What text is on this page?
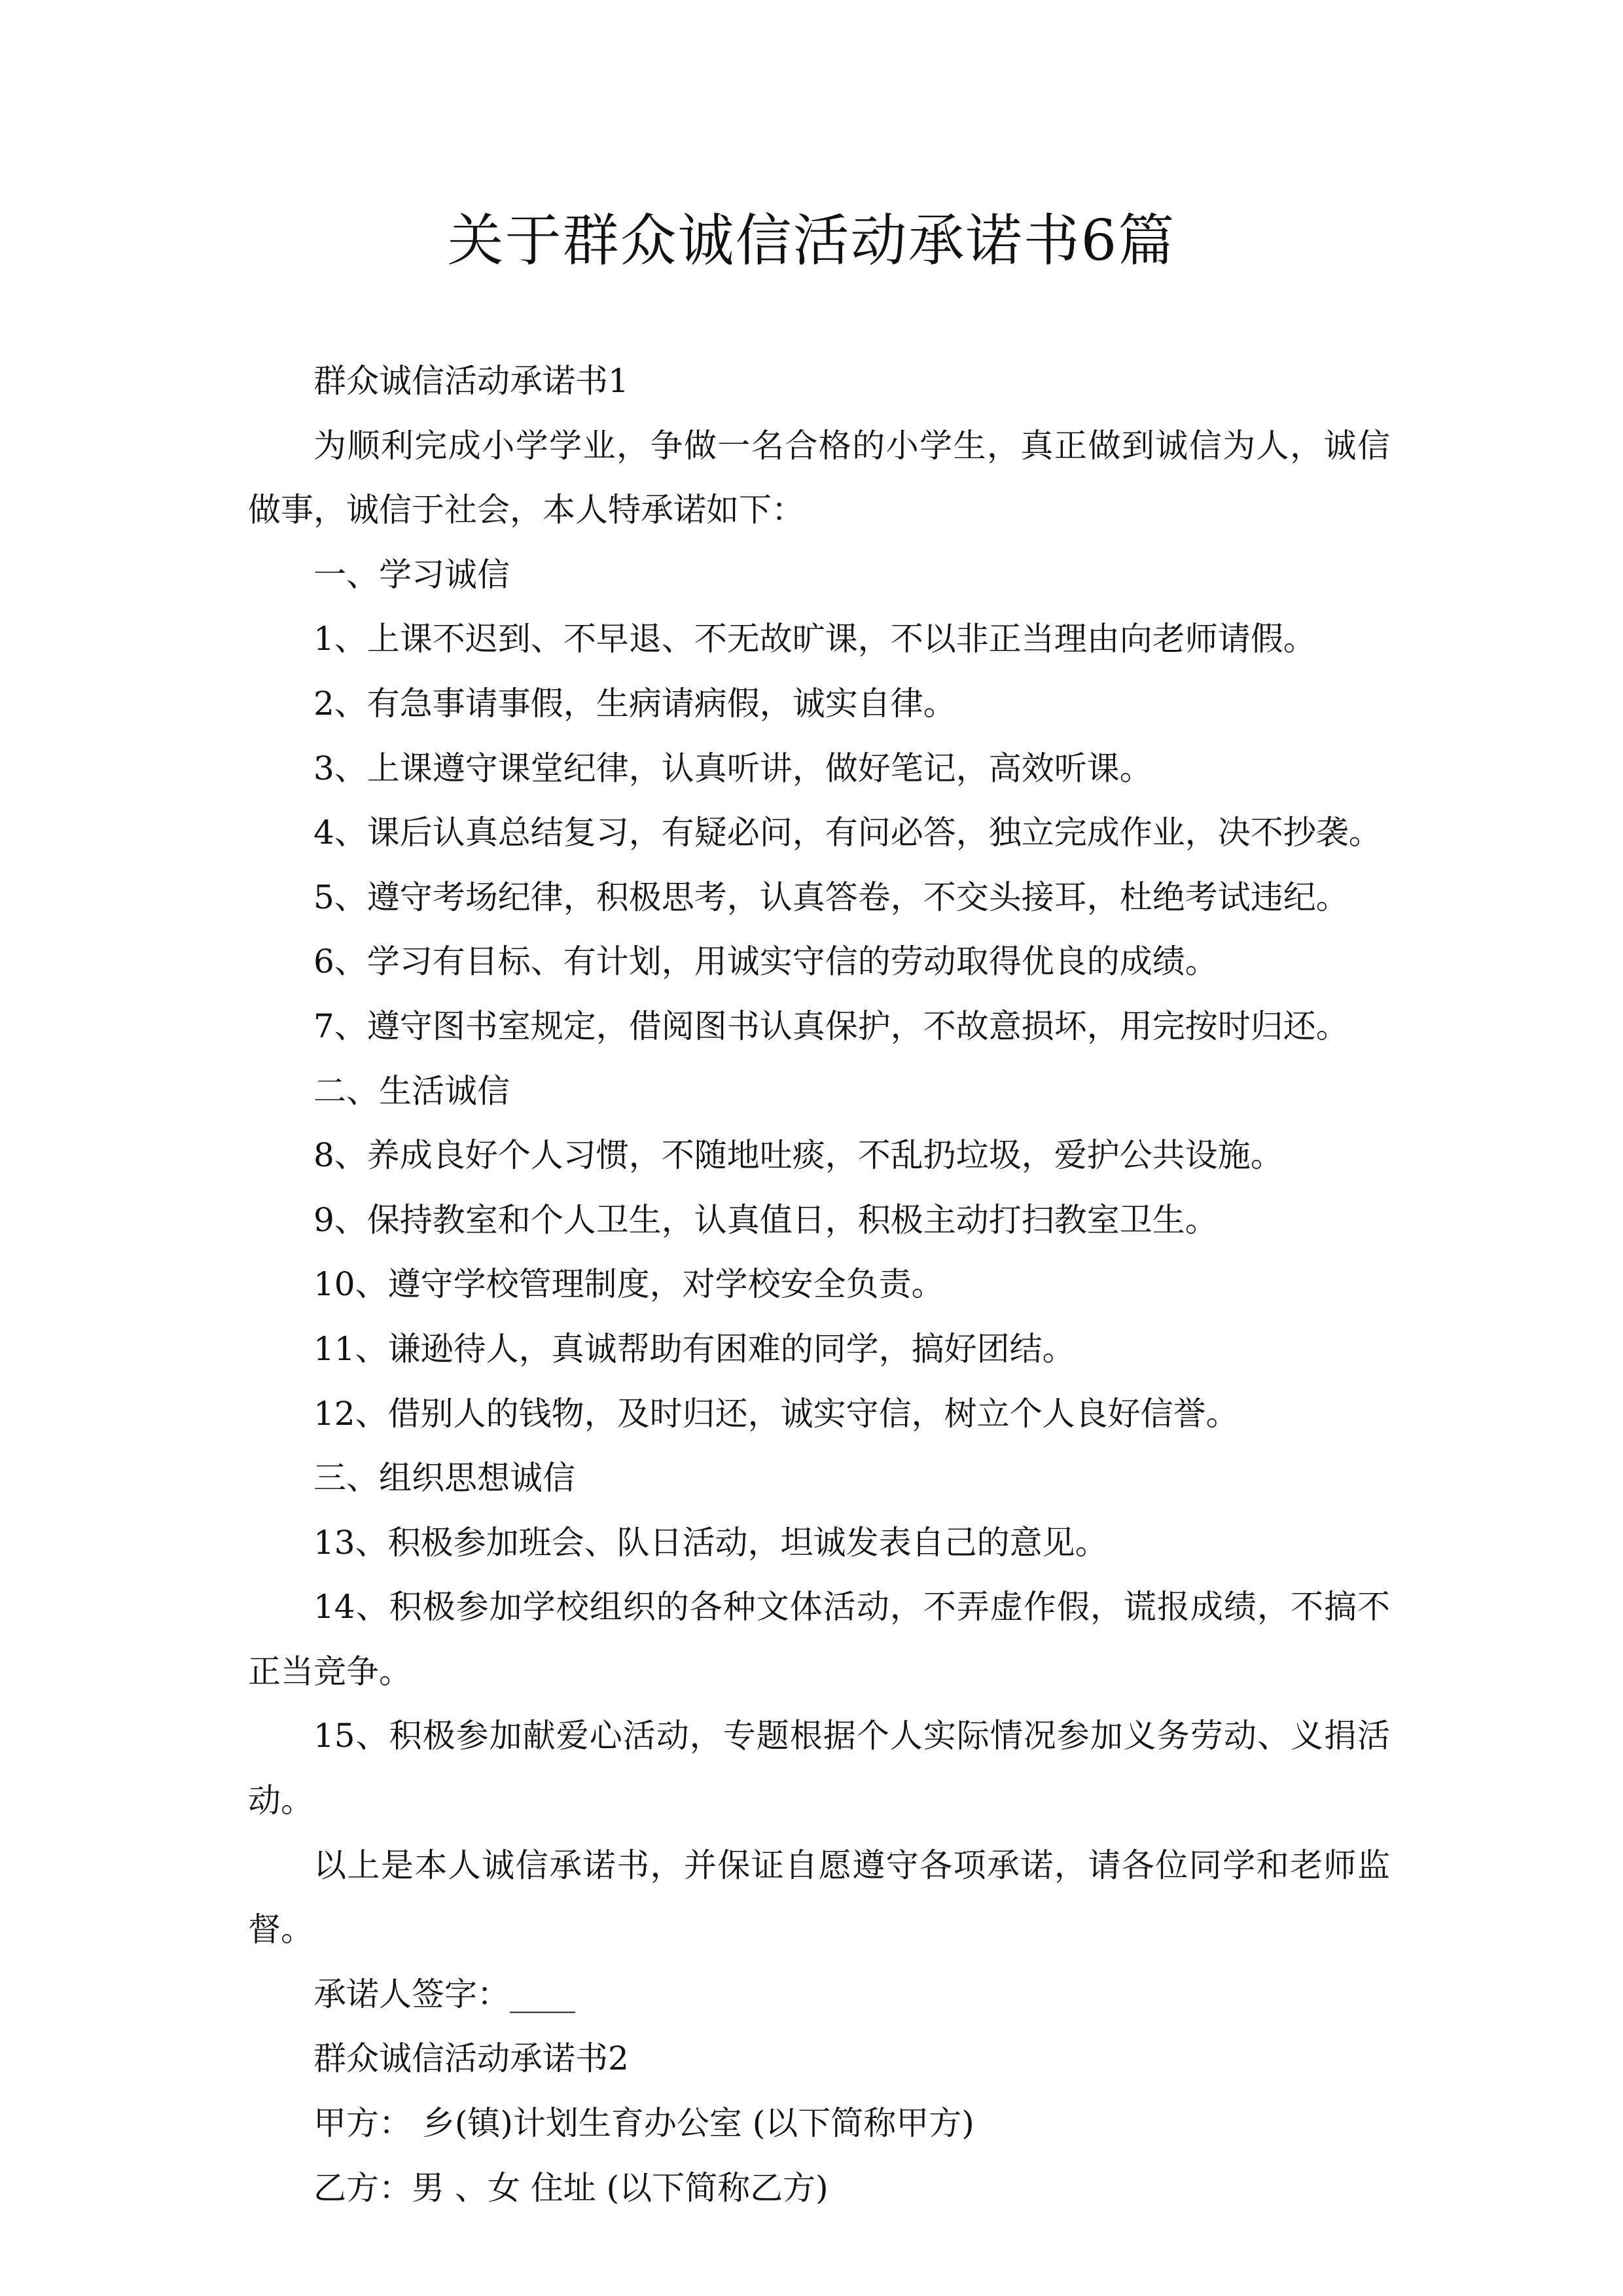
关于群众诚信活动承诺书6篇

群众诚信活动承诺书1

为顺利完成小学学业，争做一名合格的小学生，真正做到诚信为人，诚信做事，诚信于社会，本人特承诺如下：

一、学习诚信

1、上课不迟到、不早退、不无故旷课，不以非正当理由向老师请假。

2、有急事请事假，生病请病假，诚实自律。

3、上课遵守课堂纪律，认真听讲，做好笔记，高效听课。

4、课后认真总结复习，有疑必问，有问必答，独立完成作业，决不抄袭。

5、遵守考场纪律，积极思考，认真答卷，不交头接耳，杜绝考试违纪。

6、学习有目标、有计划，用诚实守信的劳动取得优良的成绩。

7、遵守图书室规定，借阅图书认真保护，不故意损坏，用完按时归还。

二、生活诚信

8、养成良好个人习惯，不随地吐痰，不乱扔垃圾，爱护公共设施。

9、保持教室和个人卫生，认真值日，积极主动打扫教室卫生。

10、遵守学校管理制度，对学校安全负责。

11、谦逊待人，真诚帮助有困难的同学，搞好团结。

12、借别人的钱物，及时归还，诚实守信，树立个人良好信誉。

三、组织思想诚信

13、积极参加班会、队日活动，坦诚发表自己的意见。

14、积极参加学校组织的各种文体活动，不弄虚作假，谎报成绩，不搞不正当竞争。

15、积极参加献爱心活动，专题根据个人实际情况参加义务劳动、义捐活动。

以上是本人诚信承诺书，并保证自愿遵守各项承诺，请各位同学和老师监督。

承诺人签字：____

群众诚信活动承诺书2

甲方： 乡(镇)计划生育办公室 (以下简称甲方)

乙方：男 、女 住址 (以下简称乙方)
